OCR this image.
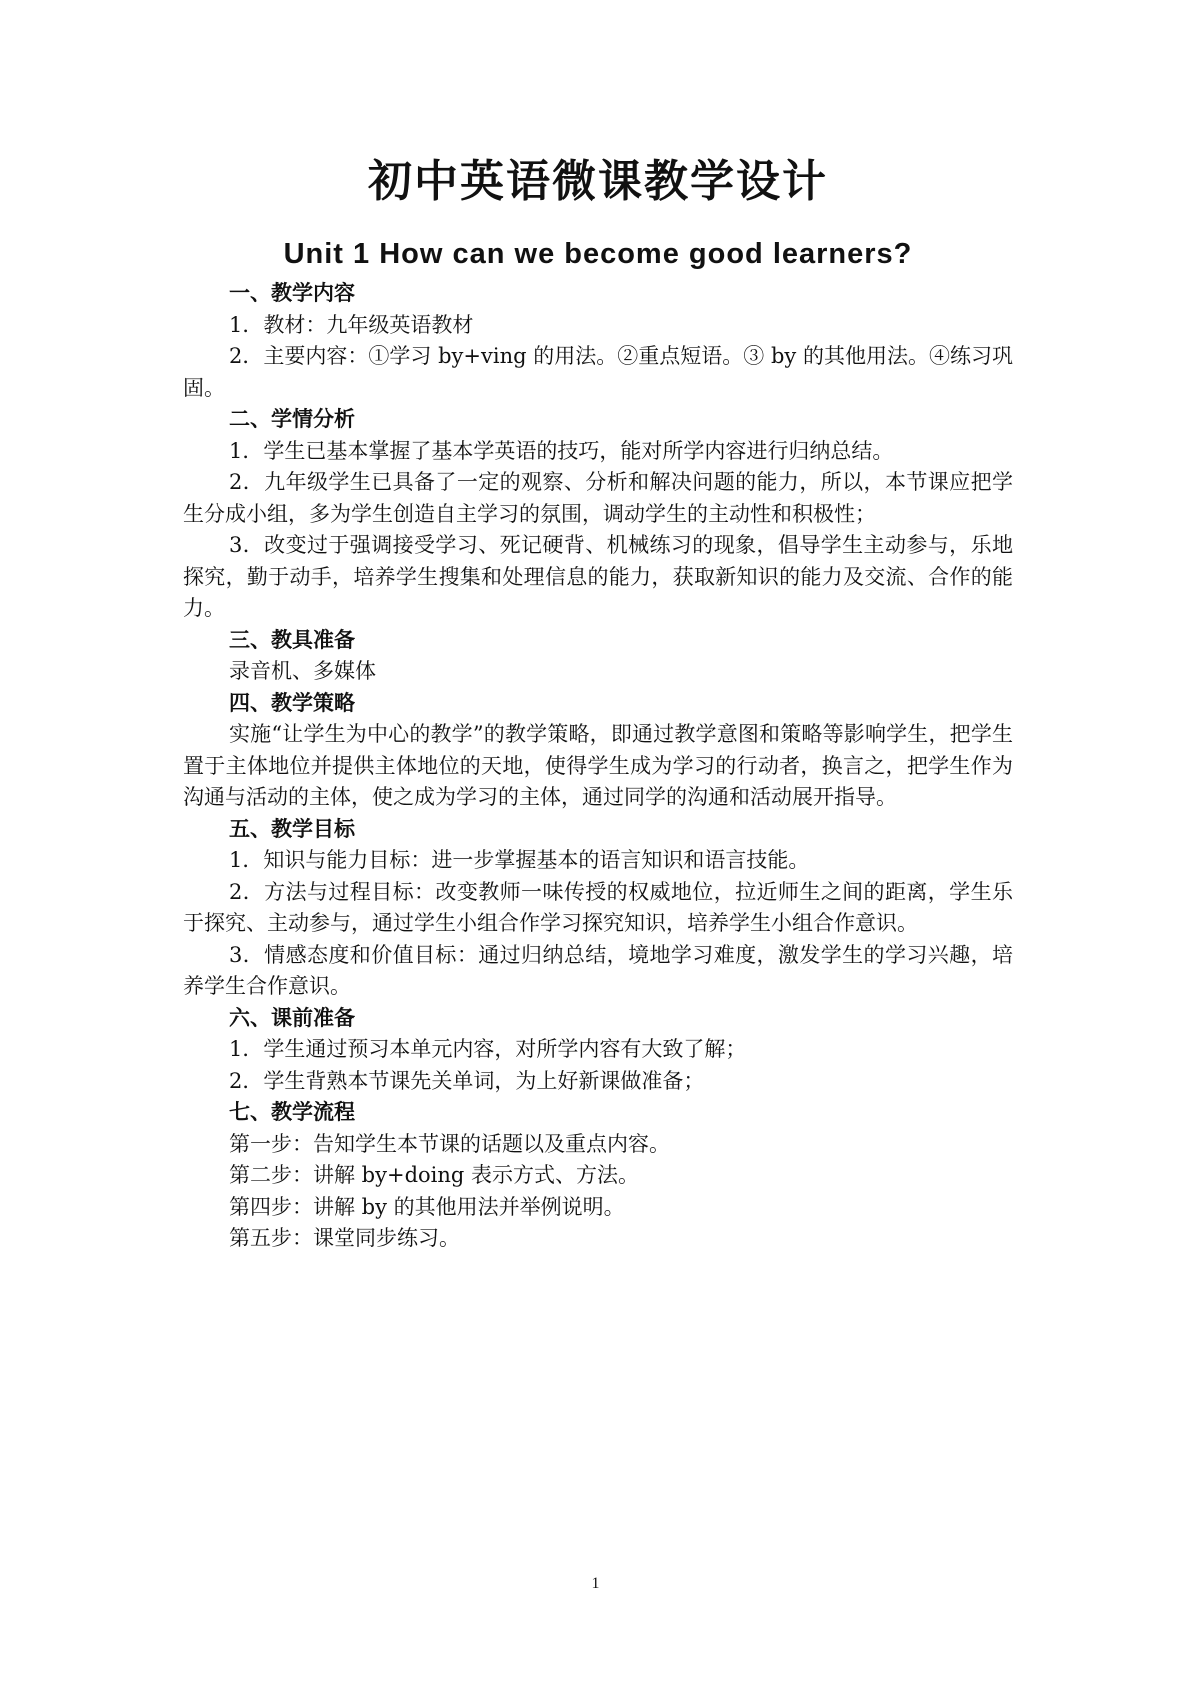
初中英语微课教学设计
Unit 1 How can we become good learners?

一、教学内容

1．教材：九年级英语教材

2．主要内容：①学习 by+ving 的用法。②重点短语。③ by 的其他用法。④练习巩固。

二、学情分析

1．学生已基本掌握了基本学英语的技巧，能对所学内容进行归纳总结。

2．九年级学生已具备了一定的观察、分析和解决问题的能力，所以，本节课应把学生分成小组，多为学生创造自主学习的氛围，调动学生的主动性和积极性；

3．改变过于强调接受学习、死记硬背、机械练习的现象，倡导学生主动参与，乐地探究，勤于动手，培养学生搜集和处理信息的能力，获取新知识的能力及交流、合作的能力。

三、教具准备

录音机、多媒体

四、教学策略

实施“让学生为中心的教学”的教学策略，即通过教学意图和策略等影响学生，把学生置于主体地位并提供主体地位的天地，使得学生成为学习的行动者，换言之，把学生作为沟通与活动的主体，使之成为学习的主体，通过同学的沟通和活动展开指导。

五、教学目标

1．知识与能力目标：进一步掌握基本的语言知识和语言技能。

2．方法与过程目标：改变教师一味传授的权威地位，拉近师生之间的距离，学生乐于探究、主动参与，通过学生小组合作学习探究知识，培养学生小组合作意识。

3．情感态度和价值目标：通过归纳总结，境地学习难度，激发学生的学习兴趣，培养学生合作意识。

六、课前准备

1．学生通过预习本单元内容，对所学内容有大致了解；

2．学生背熟本节课先关单词，为上好新课做准备；

七、教学流程

第一步：告知学生本节课的话题以及重点内容。

第二步：讲解 by+doing 表示方式、方法。

第四步：讲解 by 的其他用法并举例说明。

第五步：课堂同步练习。

1
